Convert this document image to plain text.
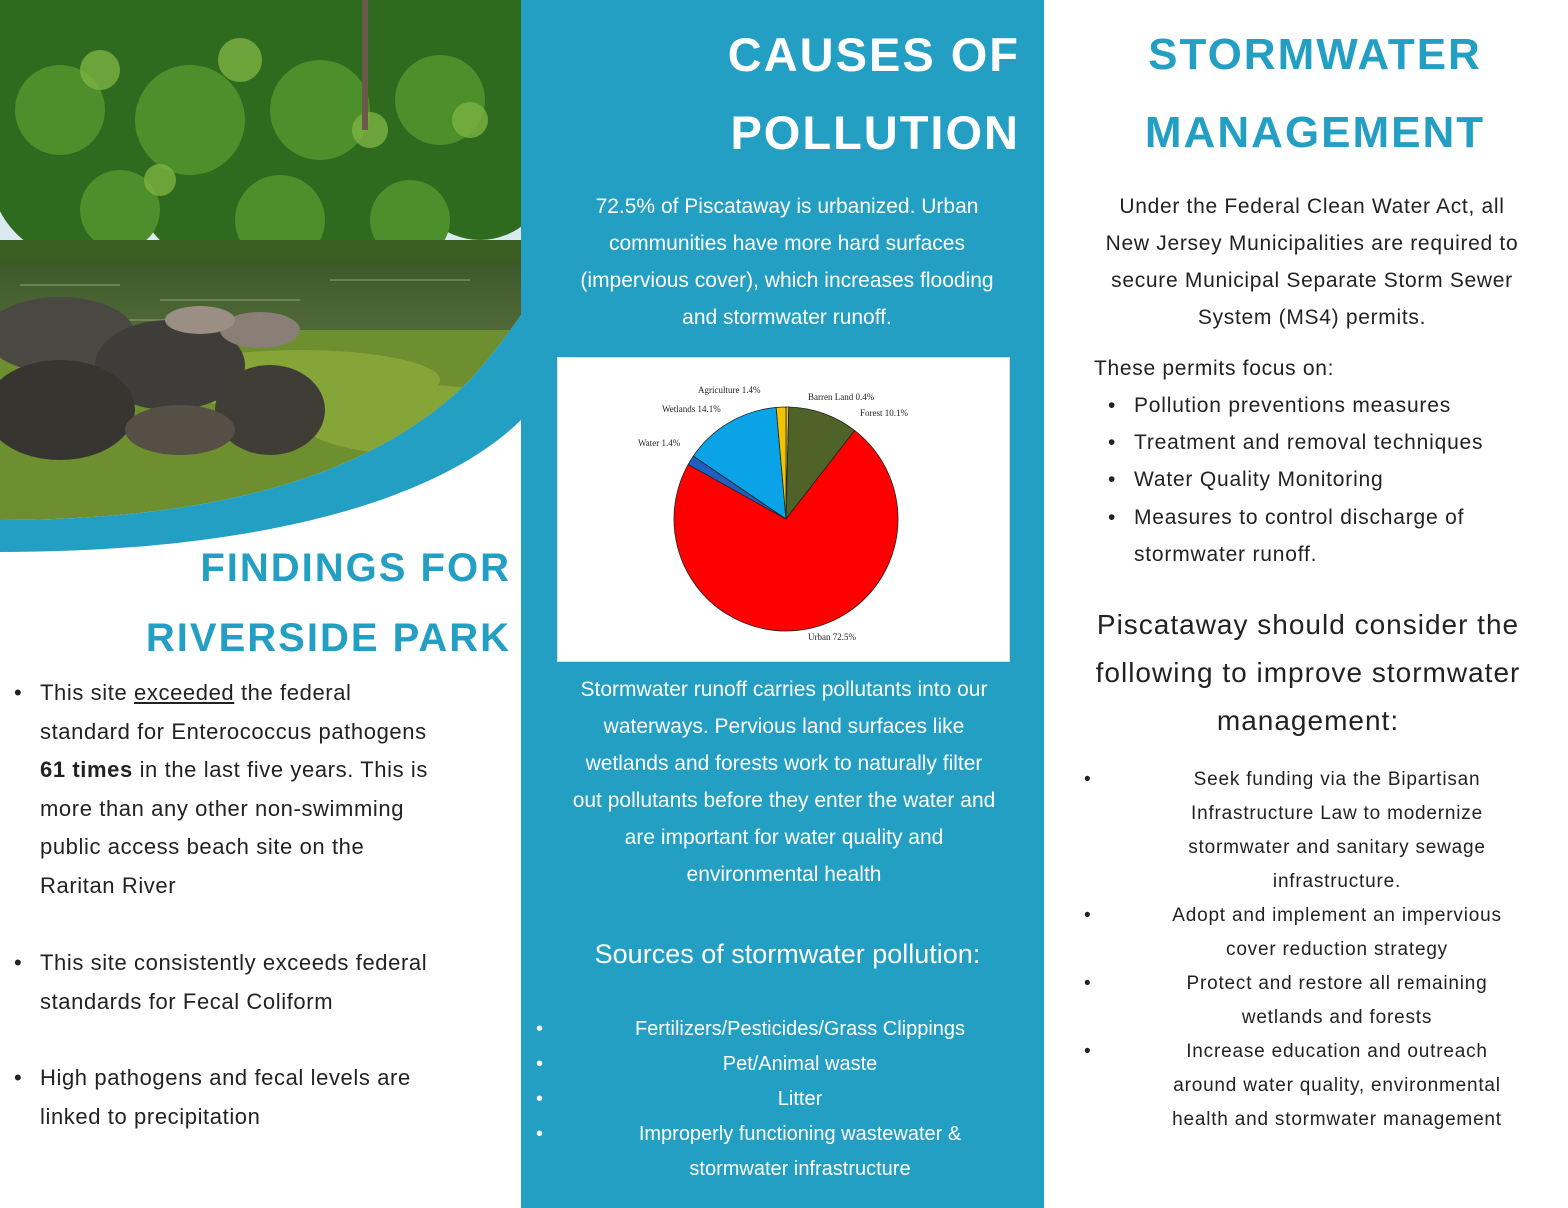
CAUSES OF
POLLUTION
72.5% of Piscataway is urbanized. Urban
communities have more hard surfaces
(impervious cover), which increases flooding
and stormwater runoff.
Urban 72.5%
Water 1.4%
Wetlands 14.1%
Agriculture 1.4%
Barren Land 0.4%
Forest 10.1%
Stormwater runoff carries pollutants into our
waterways. Pervious land surfaces like
wetlands and forests work to naturally filter
out pollutants before they enter the water and
are important for water quality and
environmental health
Sources of stormwater pollution:
•	Fertilizers/Pesticides/Grass Clippings
•	Pet/Animal waste
•	Litter
•	Improperly functioning wastewater &
stormwater infrastructure
FINDINGS FOR
RIVERSIDE PARK
• This site exceeded the federal
standard for Enterococcus pathogens
61 times in the last five years. This is
more than any other non-swimming
public access beach site on the
Raritan River
• This site consistently exceeds federal
standards for Fecal Coliform
• High pathogens and fecal levels are
linked to precipitation
STORMWATER
MANAGEMENT
Under the Federal Clean Water Act, all
New Jersey Municipalities are required to
secure Municipal Separate Storm Sewer
System (MS4) permits.
These permits focus on:
• Pollution preventions measures
• Treatment and removal techniques
• Water Quality Monitoring
• Measures to control discharge of
stormwater runoff.
Piscataway should consider the
following to improve stormwater
management:
•	Seek funding via the Bipartisan
Infrastructure Law to modernize
stormwater and sanitary sewage
infrastructure.
•	Adopt and implement an impervious
cover reduction strategy
•	Protect and restore all remaining
wetlands and forests
•	Increase education and outreach
around water quality, environmental
health and stormwater management
